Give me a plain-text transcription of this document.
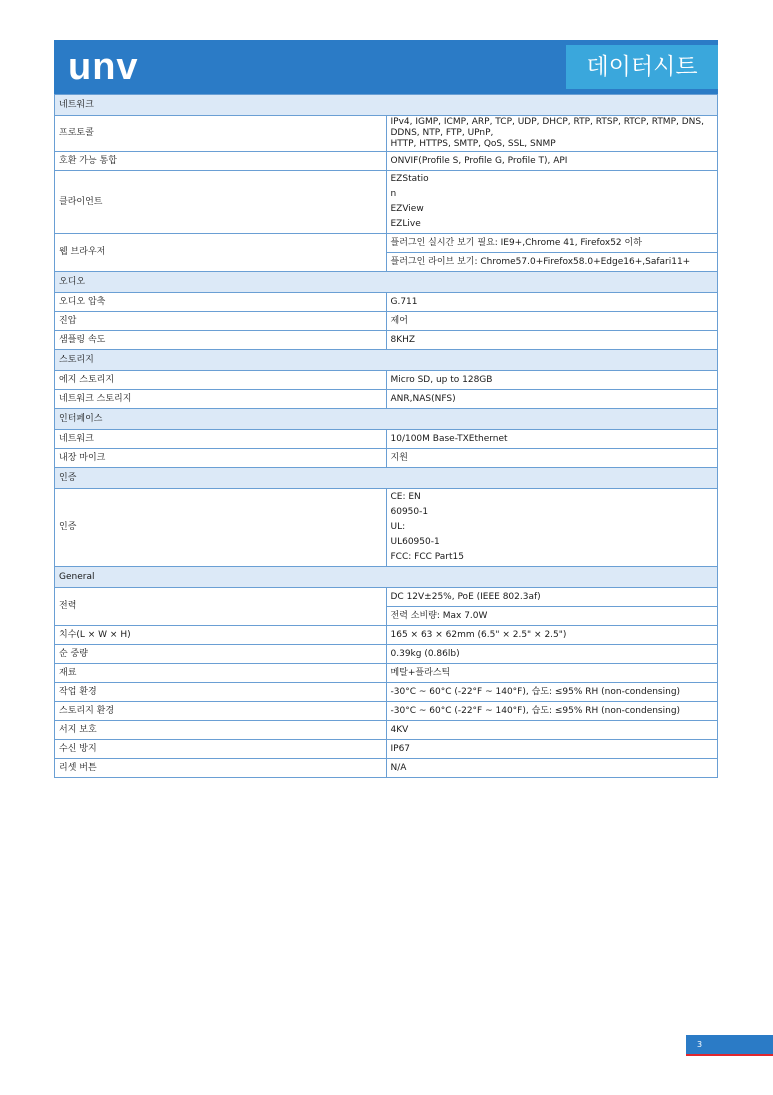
unv	데이터시트
네트워크	
프로토콜	IPv4, IGMP, ICMP, ARP, TCP, UDP, DHCP, RTP, RTSP, RTCP, RTMP, DNS, DDNS, NTP, FTP, UPnP,
HTTP, HTTPS, SMTP, QoS, SSL, SNMP

호환 가능 통합	ONVIF(Profile S, Profile G, Profile T), API
클라이언트	EZStatio
n
EZView
EZLive

웹 브라우저	플러그인 실시간 보기 필요: IE9+,Chrome 41, Firefox52 이하
	플러그인 라이브 보기: Chrome57.0+Firefox58.0+Edge16+,Safari11+
오디오	
오디오 압축	G.711
진압	제어
샘플링 속도	8KHZ
스토리지	
에지 스토리지	Micro SD, up to 128GB
네트워크 스토리지	ANR,NAS(NFS)
인터페이스	
네트워크	10/100M Base-TXEthernet
내장 마이크	지원
인증	
인증	CE: EN
60950-1
UL:
UL60950-1
FCC: FCC Part15

General	
전력	DC 12V±25%, PoE (IEEE 802.3af)
	전력 소비량: Max 7.0W
치수(L × W × H)	165 × 63 × 62mm (6.5" × 2.5" × 2.5")
순 중량	0.39kg (0.86lb)
재료	메탈+플라스틱
작업 환경	-30°C ~ 60°C (-22°F ~ 140°F), 습도: ≤95% RH (non-condensing)
스토리지 환경	-30°C ~ 60°C (-22°F ~ 140°F), 습도: ≤95% RH (non-condensing)
서지 보호	4KV
수신 방지	IP67
리셋 버튼	N/A
3
